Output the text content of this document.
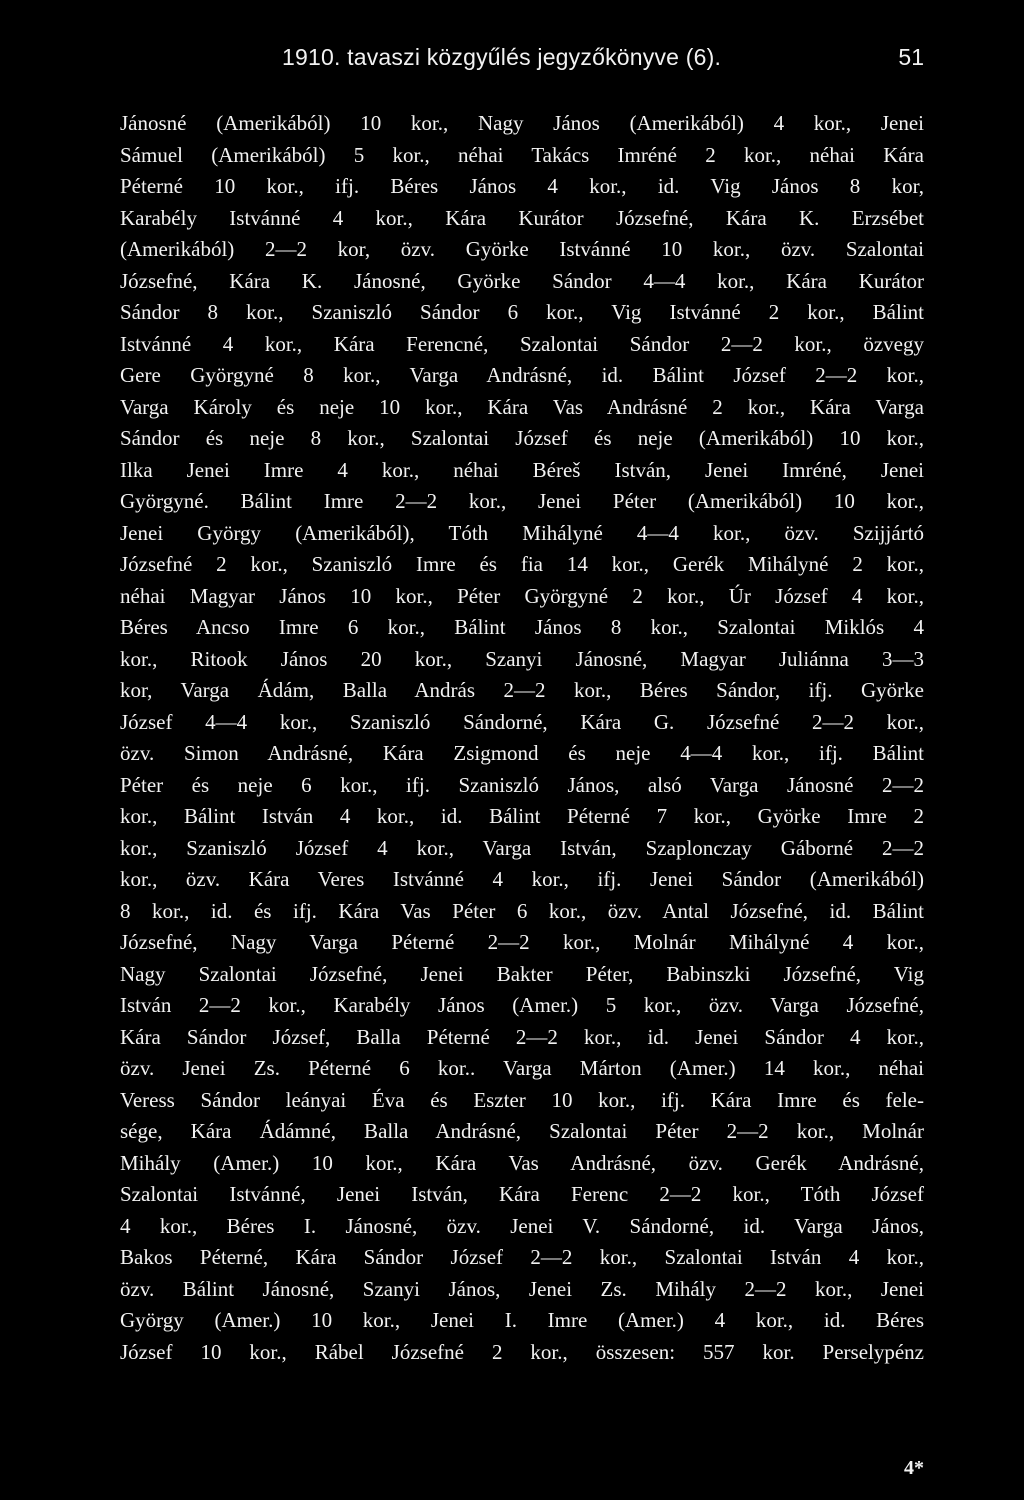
1910. tavaszi közgyűlés jegyzőkönyve (6).	51
Jánosné (Amerikából) 10 kor., Nagy János (Amerikából) 4 kor., Jenei
Sámuel (Amerikából) 5 kor., néhai Takács Imréné 2 kor., néhai Kára
Péterné 10 kor., ifj. Béres János 4 kor., id. Vig János 8 kor,
Karabély Istvánné 4 kor., Kára Kurátor Józsefné, Kára K. Erzsébet
(Amerikából) 2—2 kor, özv. Györke Istvánné 10 kor., özv. Szalontai
Józsefné, Kára K. Jánosné, Györke Sándor 4—4 kor., Kára Kurátor
Sándor 8 kor., Szaniszló Sándor 6 kor., Vig Istvánné 2 kor., Bálint
Istvánné 4 kor., Kára Ferencné, Szalontai Sándor 2—2 kor., özvegy
Gere Györgyné 8 kor., Varga Andrásné, id. Bálint József 2—2 kor.,
Varga Károly és neje 10 kor., Kára Vas Andrásné 2 kor., Kára Varga
Sándor és neje 8 kor., Szalontai József és neje (Amerikából) 10 kor.,
Ilka Jenei Imre 4 kor., néhai Béreš István, Jenei Imréné, Jenei
Györgyné. Bálint Imre 2—2 kor., Jenei Péter (Amerikából) 10 kor.,
Jenei György (Amerikából), Tóth Mihályné 4—4 kor., özv. Szijjártó
Józsefné 2 kor., Szaniszló Imre és fia 14 kor., Gerék Mihályné 2 kor.,
néhai Magyar János 10 kor., Péter Györgyné 2 kor., Úr József 4 kor.,
Béres Ancso Imre 6 kor., Bálint János 8 kor., Szalontai Miklós 4
kor., Ritook János 20 kor., Szanyi Jánosné, Magyar Juliánna 3—3
kor, Varga Ádám, Balla András 2—2 kor., Béres Sándor, ifj. Györke
József 4—4 kor., Szaniszló Sándorné, Kára G. Józsefné 2—2 kor.,
özv. Simon Andrásné, Kára Zsigmond és neje 4—4 kor., ifj. Bálint
Péter és neje 6 kor., ifj. Szaniszló János, alsó Varga Jánosné 2—2
kor., Bálint István 4 kor., id. Bálint Péterné 7 kor., Györke Imre 2
kor., Szaniszló József 4 kor., Varga István, Szaplonczay Gáborné 2—2
kor., özv. Kára Veres Istvánné 4 kor., ifj. Jenei Sándor (Amerikából)
8 kor., id. és ifj. Kára Vas Péter 6 kor., özv. Antal Józsefné, id. Bálint
Józsefné, Nagy Varga Péterné 2—2 kor., Molnár Mihályné 4 kor.,
Nagy Szalontai Józsefné, Jenei Bakter Péter, Babinszki Józsefné, Vig
István 2—2 kor., Karabély János (Amer.) 5 kor., özv. Varga Józsefné,
Kára Sándor József, Balla Péterné 2—2 kor., id. Jenei Sándor 4 kor.,
özv. Jenei Zs. Péterné 6 kor.. Varga Márton (Amer.) 14 kor., néhai
Veress Sándor leányai Éva és Eszter 10 kor., ifj. Kára Imre és fele-
sége, Kára Ádámné, Balla Andrásné, Szalontai Péter 2—2 kor., Molnár
Mihály (Amer.) 10 kor., Kára Vas Andrásné, özv. Gerék Andrásné,
Szalontai Istvánné, Jenei István, Kára Ferenc 2—2 kor., Tóth József
4 kor., Béres I. Jánosné, özv. Jenei V. Sándorné, id. Varga János,
Bakos Péterné, Kára Sándor József 2—2 kor., Szalontai István 4 kor.,
özv. Bálint Jánosné, Szanyi János, Jenei Zs. Mihály 2—2 kor., Jenei
György (Amer.) 10 kor., Jenei I. Imre (Amer.) 4 kor., id. Béres
József 10 kor., Rábel Józsefné 2 kor., összesen: 557 kor. Perselypénz
4*
